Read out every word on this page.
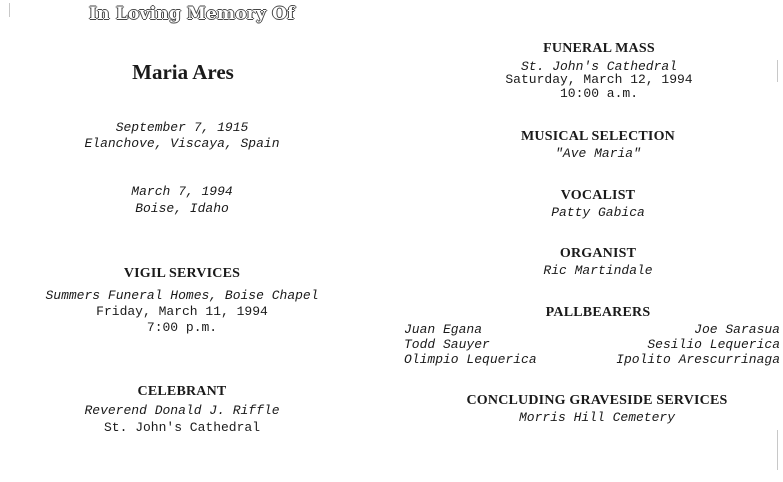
In Loving Memory Of
Maria Ares
September 7, 1915
Elanchove, Viscaya, Spain
March 7, 1994
Boise, Idaho
VIGIL SERVICES
Summers Funeral Homes, Boise Chapel
Friday, March 11, 1994
7:00 p.m.
CELEBRANT
Reverend Donald J. Riffle
St. John's Cathedral
FUNERAL MASS
St. John's Cathedral
Saturday, March 12, 1994
10:00 a.m.
MUSICAL SELECTION
"Ave Maria"
VOCALIST
Patty Gabica
ORGANIST
Ric Martindale
PALLBEARERS
Juan Egana
Todd Sauyer
Olimpio Lequerica
Joe Sarasua
Sesilio Lequerica
Ipolito Arescurrinaga
CONCLUDING GRAVESIDE SERVICES
Morris Hill Cemetery
